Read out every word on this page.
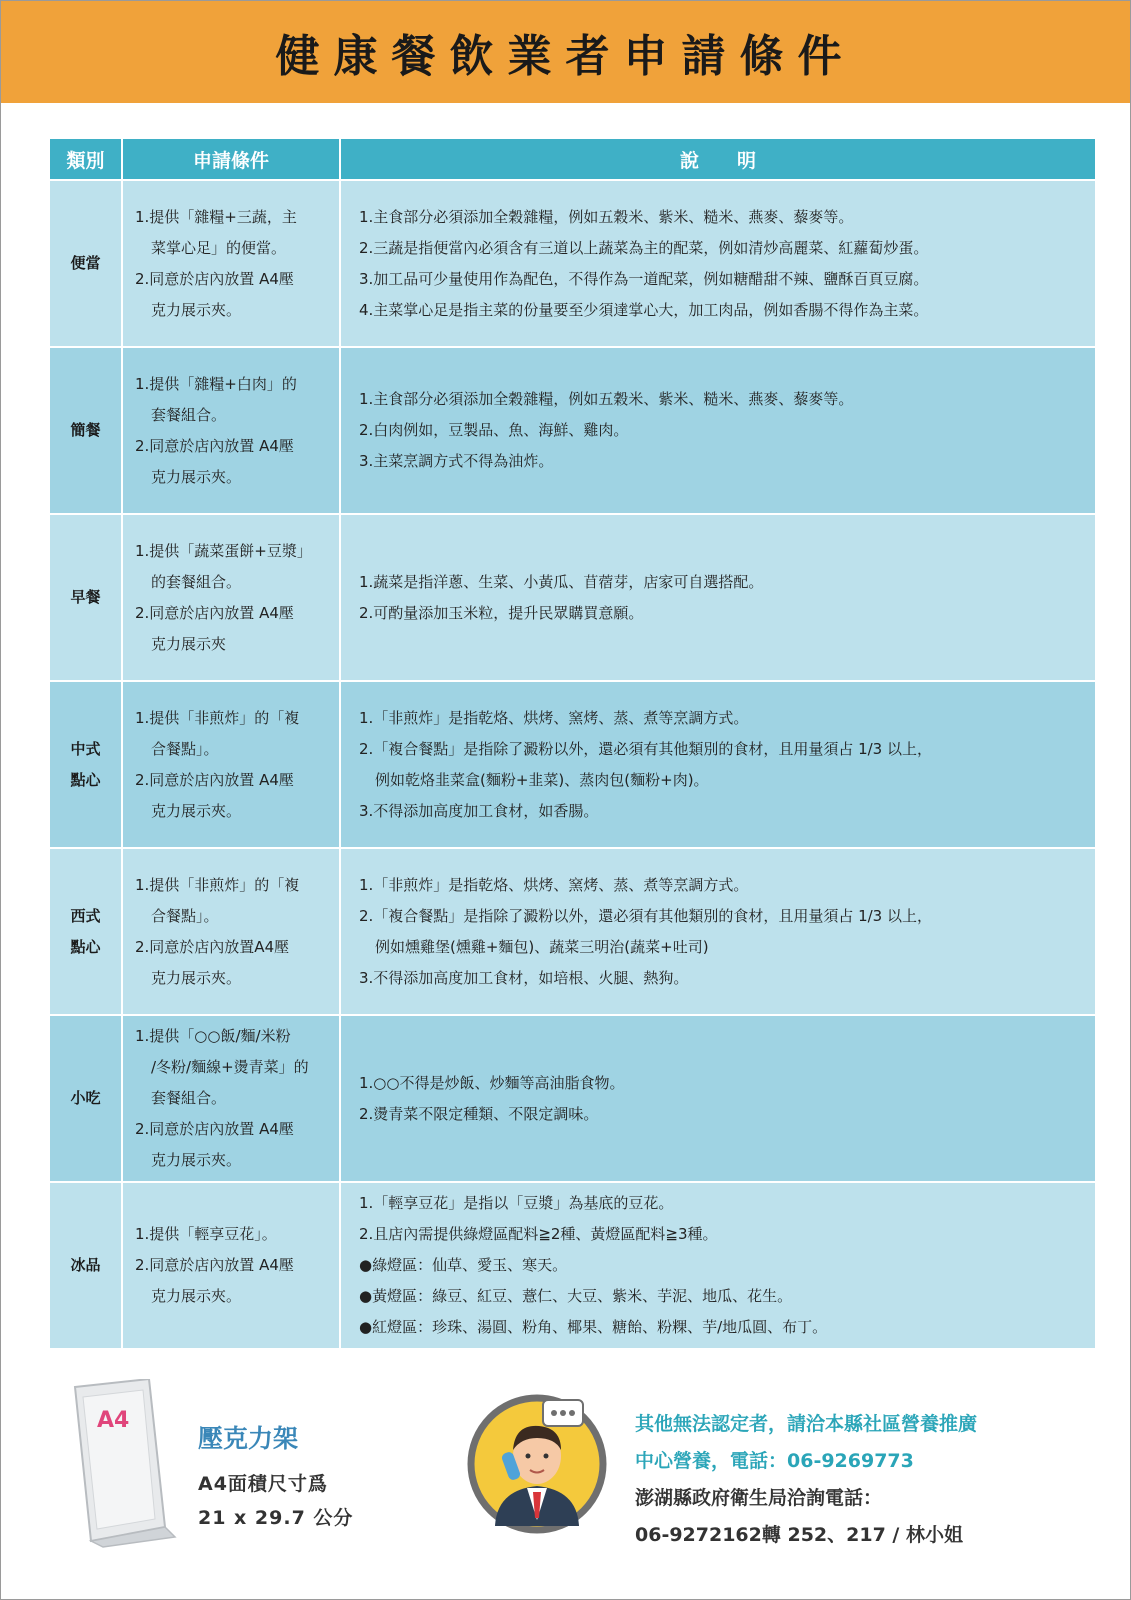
健康餐飲業者申請條件
類別	申請條件	說　　明

便當	1.提供「雜糧+三蔬，主
菜掌心足」的便當。
2.同意於店內放置 A4壓
克力展示夾。	1.主食部分必須添加全穀雜糧，例如五穀米、紫米、糙米、燕麥、藜麥等。
2.三蔬是指便當內必須含有三道以上蔬菜為主的配菜，例如清炒高麗菜、紅蘿蔔炒蛋。
3.加工品可少量使用作為配色，不得作為一道配菜，例如糖醋甜不辣、鹽酥百頁豆腐。
4.主菜掌心足是指主菜的份量要至少須達掌心大，加工肉品，例如香腸不得作為主菜。

簡餐	1.提供「雜糧+白肉」的
套餐組合。
2.同意於店內放置 A4壓
克力展示夾。	1.主食部分必須添加全穀雜糧，例如五穀米、紫米、糙米、燕麥、藜麥等。
2.白肉例如，豆製品、魚、海鮮、雞肉。
3.主菜烹調方式不得為油炸。

早餐	1.提供「蔬菜蛋餅+豆漿」
的套餐組合。
2.同意於店內放置 A4壓
克力展示夾	1.蔬菜是指洋蔥、生菜、小黃瓜、苜蓿芽，店家可自選搭配。
2.可酌量添加玉米粒，提升民眾購買意願。

中式
點心	1.提供「非煎炸」的「複
合餐點」。
2.同意於店內放置 A4壓
克力展示夾。	1.「非煎炸」是指乾烙、烘烤、窯烤、蒸、煮等烹調方式。
2.「複合餐點」是指除了澱粉以外，還必須有其他類別的食材，且用量須占 1/3 以上，
例如乾烙韭菜盒(麵粉+韭菜)、蒸肉包(麵粉+肉)。
3.不得添加高度加工食材，如香腸。

西式
點心	1.提供「非煎炸」的「複
合餐點」。
2.同意於店內放置A4壓
克力展示夾。	1.「非煎炸」是指乾烙、烘烤、窯烤、蒸、煮等烹調方式。
2.「複合餐點」是指除了澱粉以外，還必須有其他類別的食材，且用量須占 1/3 以上，
例如燻雞堡(燻雞+麵包)、蔬菜三明治(蔬菜+吐司)
3.不得添加高度加工食材，如培根、火腿、熱狗。

小吃	1.提供「○○飯/麵/米粉
/冬粉/麵線+燙青菜」的
套餐組合。
2.同意於店內放置 A4壓
克力展示夾。	1.○○不得是炒飯、炒麵等高油脂食物。
2.燙青菜不限定種類、不限定調味。

冰品	1.提供「輕享豆花」。
2.同意於店內放置 A4壓
克力展示夾。	1.「輕享豆花」是指以「豆漿」為基底的豆花。
2.且店內需提供綠燈區配料≧2種、黃燈區配料≧3種。
●綠燈區：仙草、愛玉、寒天。
●黃燈區：綠豆、紅豆、薏仁、大豆、紫米、芋泥、地瓜、花生。
●紅燈區：珍珠、湯圓、粉角、椰果、糖飴、粉粿、芋/地瓜圓、布丁。
A4
壓克力架
A4面積尺寸爲
21 x 29.7 公分
其他無法認定者，請洽本縣社區營養推廣
中心營養，電話：06-9269773
澎湖縣政府衛生局洽詢電話：
06-9272162轉 252、217 / 林小姐
